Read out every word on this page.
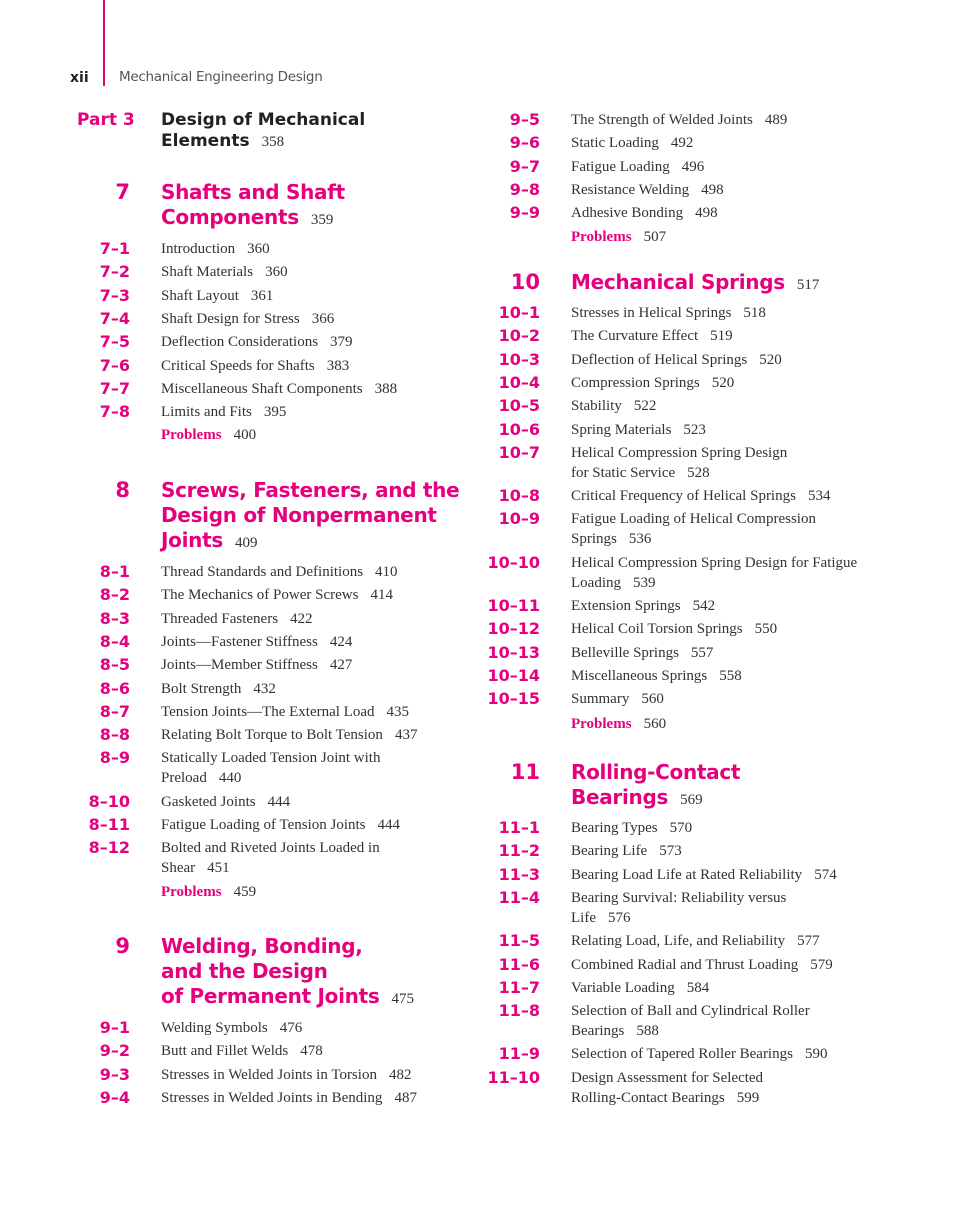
xii Mechanical Engineering Design
Part 3 Design of Mechanical
Elements 358
7 Shafts and Shaft
Components 359
7–1 Introduction 360
7–2 Shaft Materials 360
7–3 Shaft Layout 361
7–4 Shaft Design for Stress 366
7–5 Deflection Considerations 379
7–6 Critical Speeds for Shafts 383
7–7 Miscellaneous Shaft Components 388
7–8 Limits and Fits 395
Problems 400
8 Screws, Fasteners, and the
Design of Nonpermanent
Joints 409
8–1 Thread Standards and Definitions 410
8–2 The Mechanics of Power Screws 414
8–3 Threaded Fasteners 422
8–4 Joints—Fastener Stiffness 424
8–5 Joints—Member Stiffness 427
8–6 Bolt Strength 432
8–7 Tension Joints—The External Load 435
8–8 Relating Bolt Torque to Bolt Tension 437
8–9 Statically Loaded Tension Joint with
Preload 440
8–10 Gasketed Joints 444
8–11 Fatigue Loading of Tension Joints 444
8–12 Bolted and Riveted Joints Loaded in
Shear 451
Problems 459
9 Welding, Bonding,
and the Design
of Permanent Joints 475
9–1 Welding Symbols 476
9–2 Butt and Fillet Welds 478
9–3 Stresses in Welded Joints in Torsion 482
9–4 Stresses in Welded Joints in Bending 487
9–5 The Strength of Welded Joints 489
9–6 Static Loading 492
9–7 Fatigue Loading 496
9–8 Resistance Welding 498
9–9 Adhesive Bonding 498
Problems 507
10 Mechanical Springs 517
10–1 Stresses in Helical Springs 518
10–2 The Curvature Effect 519
10–3 Deflection of Helical Springs 520
10–4 Compression Springs 520
10–5 Stability 522
10–6 Spring Materials 523
10–7 Helical Compression Spring Design
for Static Service 528
10–8 Critical Frequency of Helical Springs 534
10–9 Fatigue Loading of Helical Compression
Springs 536
10–10 Helical Compression Spring Design for Fatigue
Loading 539
10–11 Extension Springs 542
10–12 Helical Coil Torsion Springs 550
10–13 Belleville Springs 557
10–14 Miscellaneous Springs 558
10–15 Summary 560
Problems 560
11 Rolling-Contact
Bearings 569
11–1 Bearing Types 570
11–2 Bearing Life 573
11–3 Bearing Load Life at Rated Reliability 574
11–4 Bearing Survival: Reliability versus
Life 576
11–5 Relating Load, Life, and Reliability 577
11–6 Combined Radial and Thrust Loading 579
11–7 Variable Loading 584
11–8 Selection of Ball and Cylindrical Roller
Bearings 588
11–9 Selection of Tapered Roller Bearings 590
11–10 Design Assessment for Selected
Rolling-Contact Bearings 599
